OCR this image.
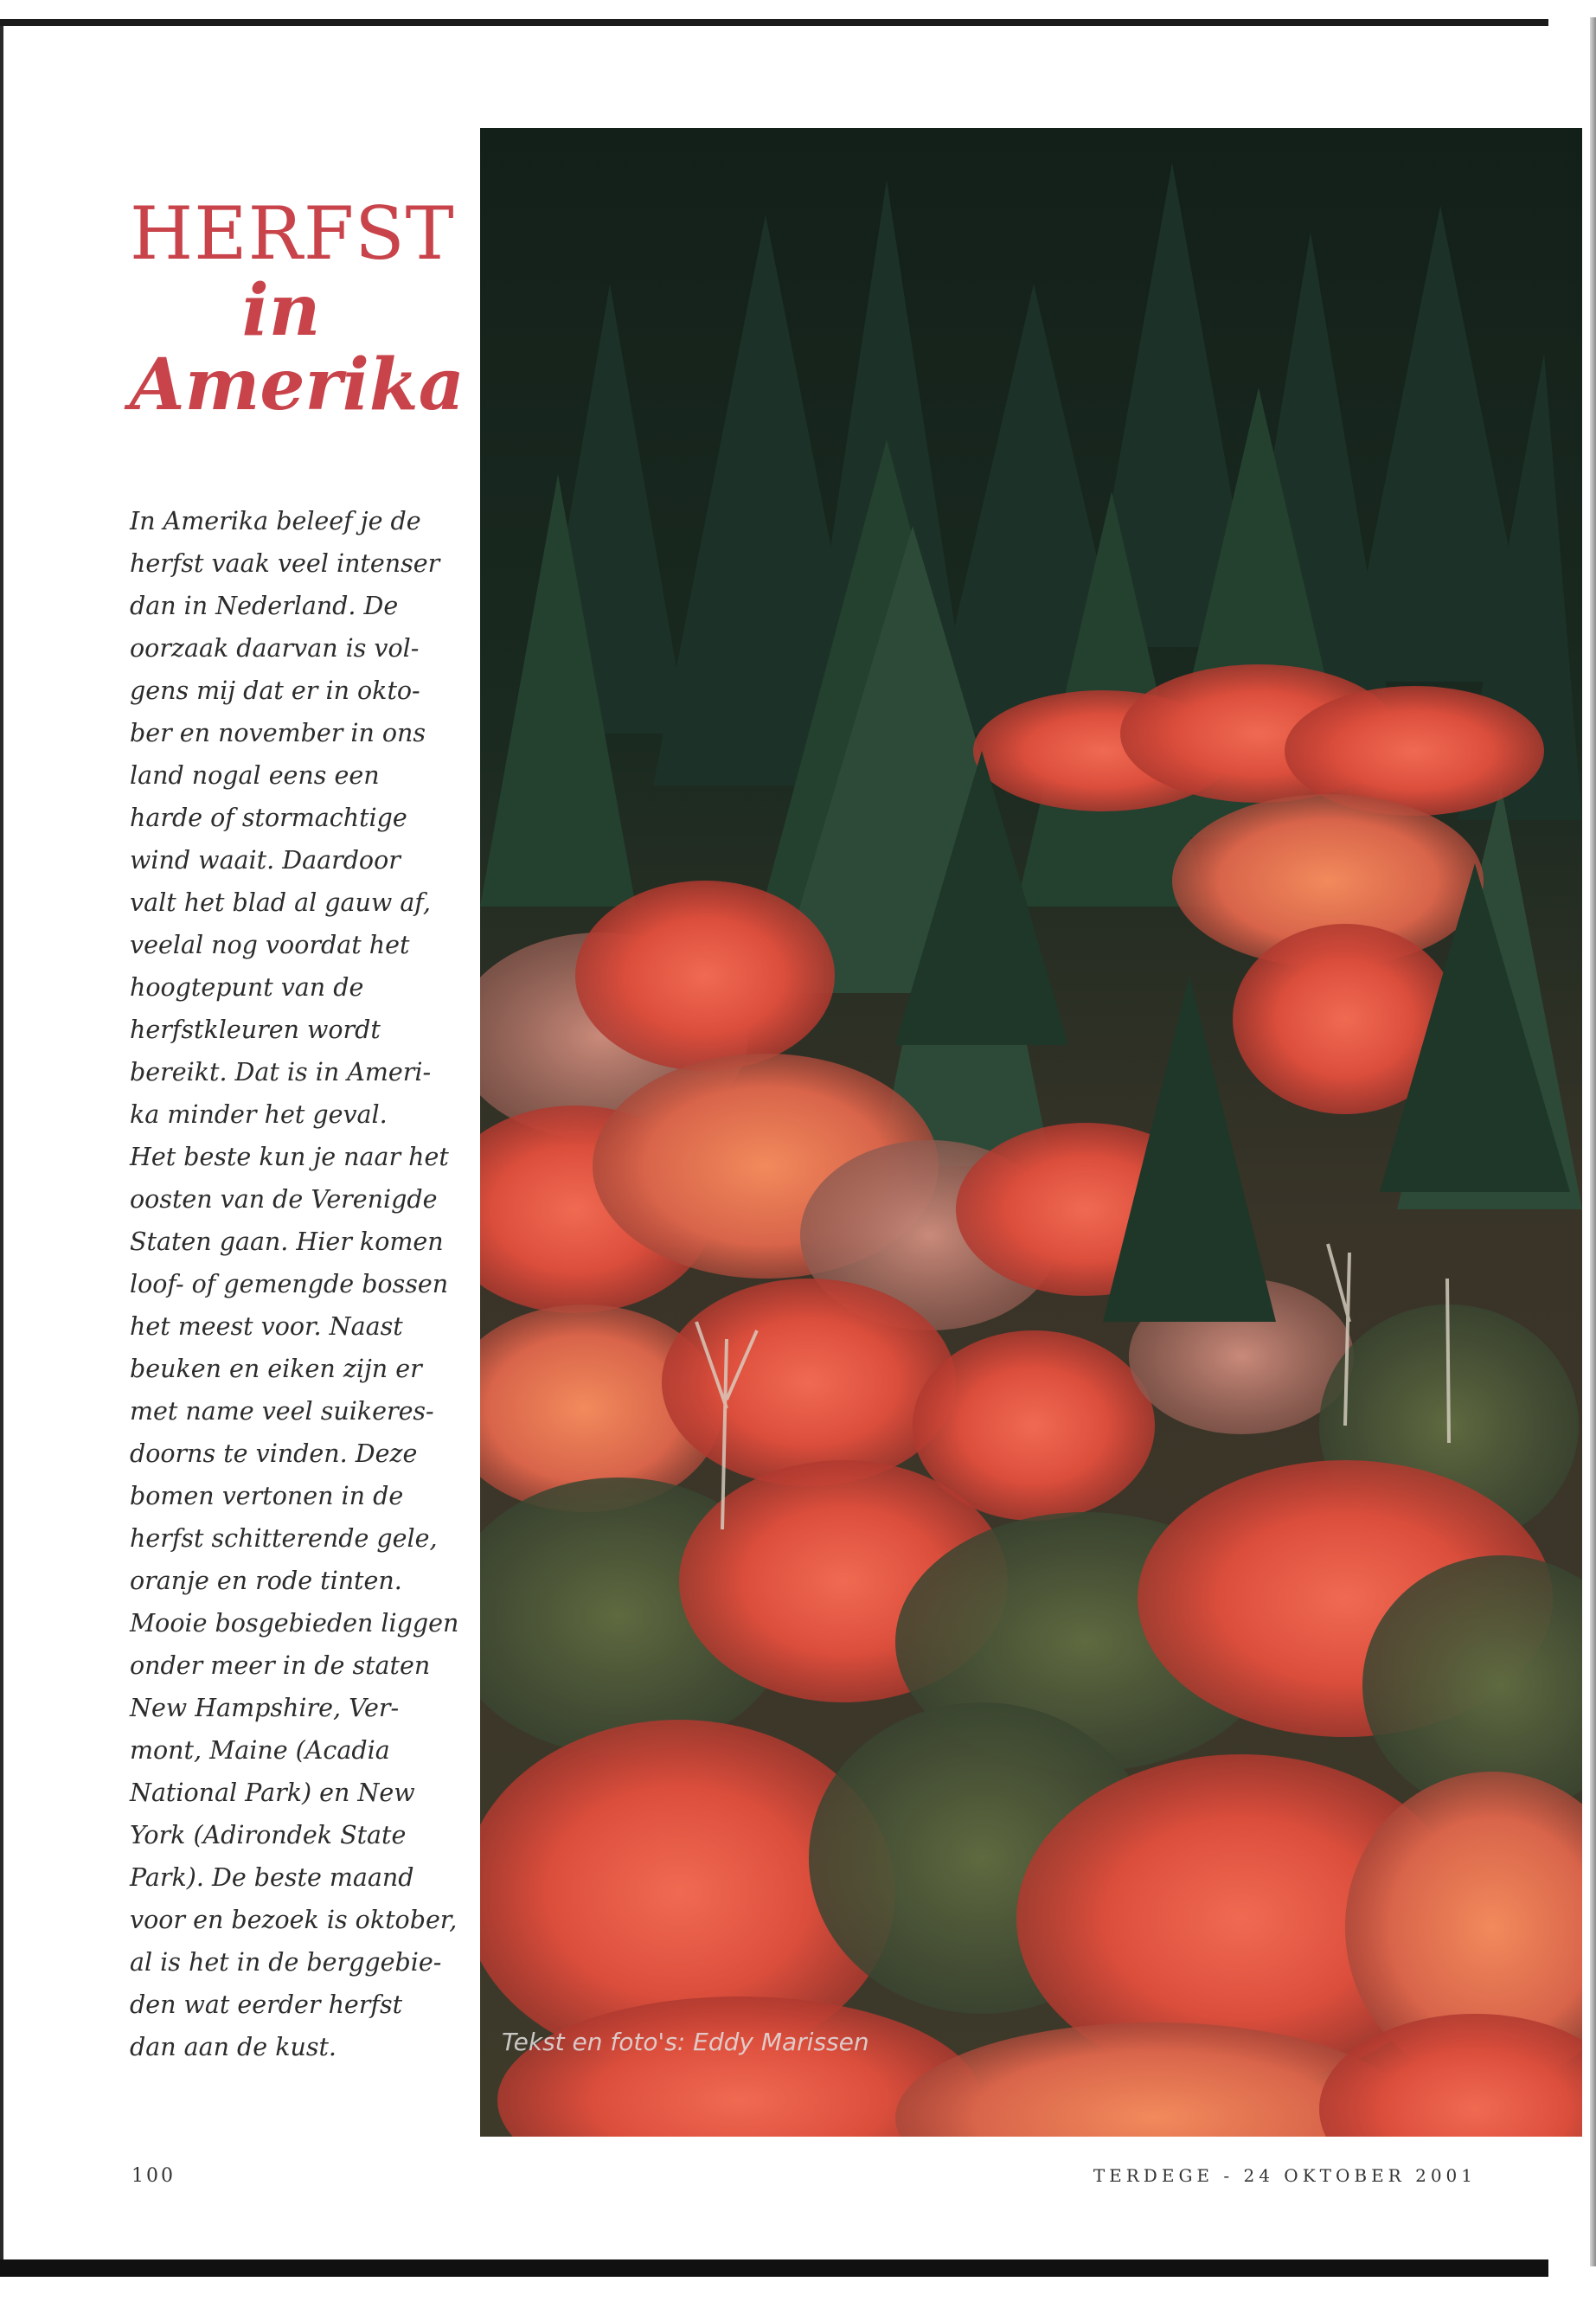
HERFST
in
Amerika

In Amerika beleef je de
herfst vaak veel intenser
dan in Nederland. De
oorzaak daarvan is vol-
gens mij dat er in okto-
ber en november in ons
land nogal eens een
harde of stormachtige
wind waait. Daardoor
valt het blad al gauw af,
veelal nog voordat het
hoogtepunt van de
herfstkleuren wordt
bereikt. Dat is in Ameri-
ka minder het geval.
Het beste kun je naar het
oosten van de Verenigde
Staten gaan. Hier komen
loof- of gemengde bossen
het meest voor. Naast
beuken en eiken zijn er
met name veel suikeres-
doorns te vinden. Deze
bomen vertonen in de
herfst schitterende gele,
oranje en rode tinten.
Mooie bosgebieden liggen
onder meer in de staten
New Hampshire, Ver-
mont, Maine (Acadia
National Park) en New
York (Adirondek State
Park). De beste maand
voor en bezoek is oktober,
al is het in de berggebie-
den wat eerder herfst
dan aan de kust.	Tekst en foto's: Eddy Marissen
100	TERDEGE - 24 OKTOBER 2001
